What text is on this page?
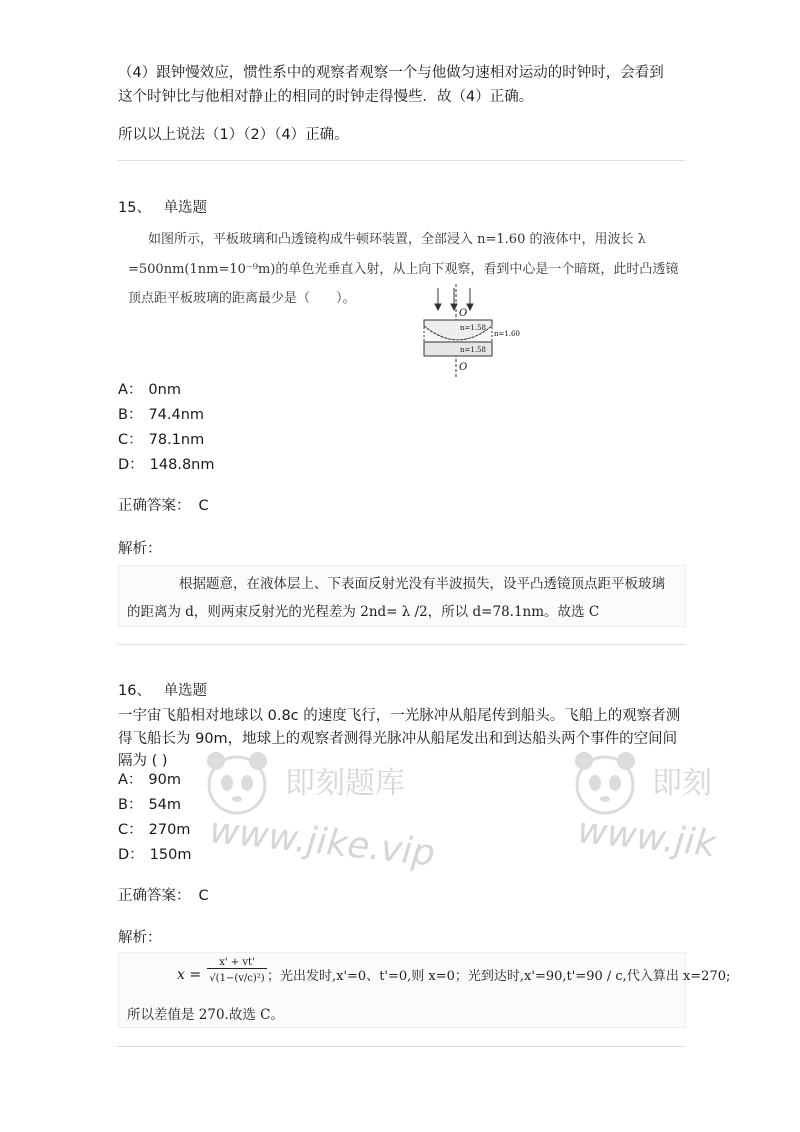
（4）跟钟慢效应，惯性系中的观察者观察一个与他做匀速相对运动的时钟时，会看到
这个时钟比与他相对静止的相同的时钟走得慢些．故（4）正确。
所以以上说法（1）（2）（4）正确。
15、 单选题
如图所示，平板玻璃和凸透镜构成牛顿环装置，全部浸入 n=1.60 的液体中，用波长 λ
=500nm(1nm=10⁻⁹m)的单色光垂直入射，从上向下观察，看到中心是一个暗斑，此时凸透镜
顶点距平板玻璃的距离最少是（　　）。
O
n=1.58
n=1.60
n=1.58
O
A： 0nm
B： 74.4nm
C： 78.1nm
D： 148.8nm
正确答案： C
解析：
根据题意，在液体层上、下表面反射光没有半波损失，设平凸透镜顶点距平板玻璃
的距离为 d，则两束反射光的光程差为 2nd= λ /2，所以 d=78.1nm。故选 C
16、 单选题
一宇宙飞船相对地球以 0.8c 的速度飞行，一光脉冲从船尾传到船头。飞船上的观察者测
得飞船长为 90m，地球上的观察者测得光脉冲从船尾发出和到达船头两个事件的空间间
隔为 ( )
即刻题库
www.jike.vip
即刻
www.jik
A： 90m
B： 54m
C： 270m
D： 150m
正确答案： C
解析：
x =
x' + vt'
√(1−(v/c)²) ；光出发时,x'=0、t'=0,则 x=0；光到达时,x'=90,t'=90 / c,代入算出 x=270;
所以差值是 270.故选 C。
